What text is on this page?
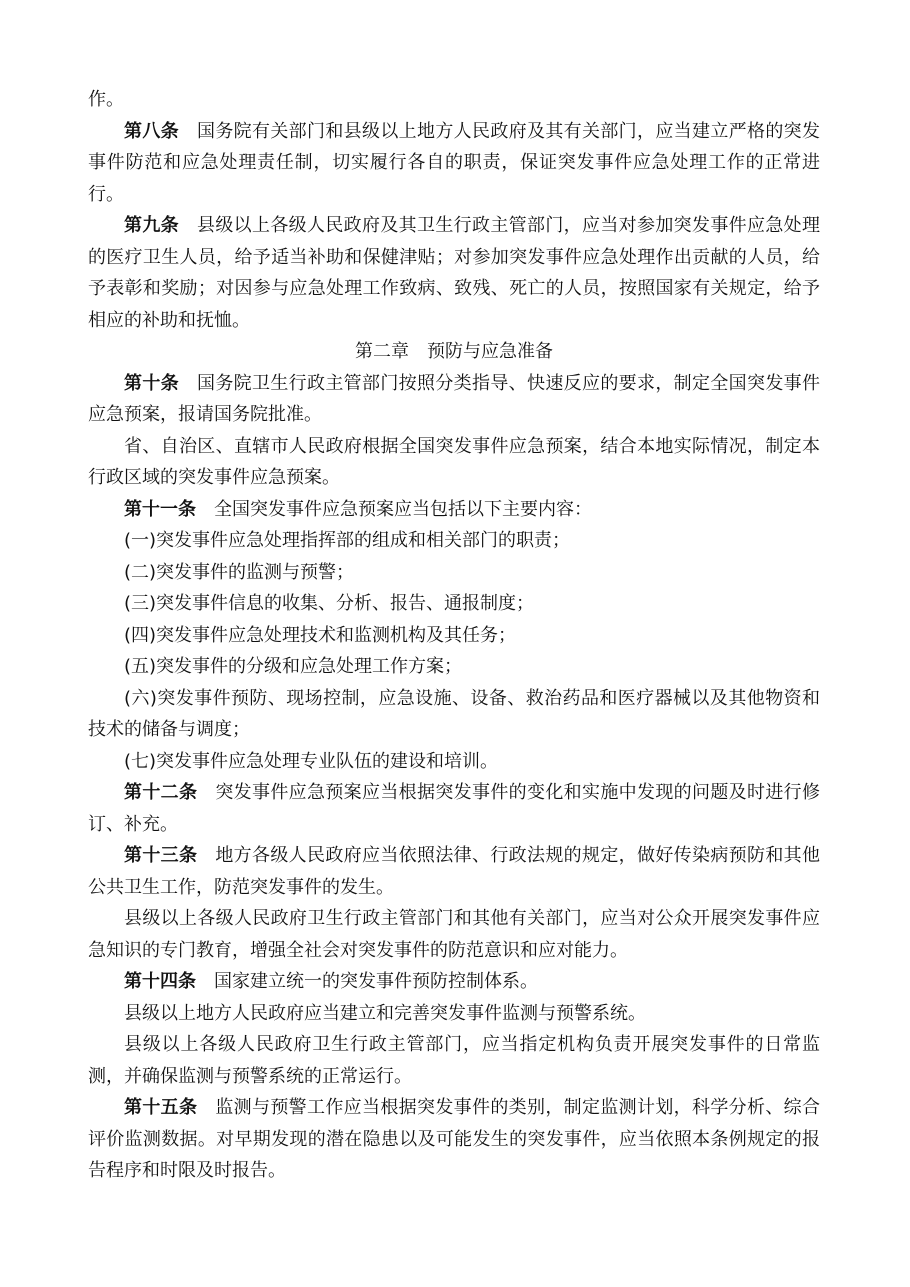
作。

第八条 国务院有关部门和县级以上地方人民政府及其有关部门，应当建立严格的突发事件防范和应急处理责任制，切实履行各自的职责，保证突发事件应急处理工作的正常进行。

第九条 县级以上各级人民政府及其卫生行政主管部门，应当对参加突发事件应急处理的医疗卫生人员，给予适当补助和保健津贴；对参加突发事件应急处理作出贡献的人员，给予表彰和奖励；对因参与应急处理工作致病、致残、死亡的人员，按照国家有关规定，给予相应的补助和抚恤。

第二章　预防与应急准备

第十条 国务院卫生行政主管部门按照分类指导、快速反应的要求，制定全国突发事件应急预案，报请国务院批准。

省、自治区、直辖市人民政府根据全国突发事件应急预案，结合本地实际情况，制定本行政区域的突发事件应急预案。

第十一条 全国突发事件应急预案应当包括以下主要内容：

(一)突发事件应急处理指挥部的组成和相关部门的职责；

(二)突发事件的监测与预警；

(三)突发事件信息的收集、分析、报告、通报制度；

(四)突发事件应急处理技术和监测机构及其任务；

(五)突发事件的分级和应急处理工作方案；

(六)突发事件预防、现场控制，应急设施、设备、救治药品和医疗器械以及其他物资和技术的储备与调度；

(七)突发事件应急处理专业队伍的建设和培训。

第十二条 突发事件应急预案应当根据突发事件的变化和实施中发现的问题及时进行修订、补充。

第十三条 地方各级人民政府应当依照法律、行政法规的规定，做好传染病预防和其他公共卫生工作，防范突发事件的发生。

县级以上各级人民政府卫生行政主管部门和其他有关部门，应当对公众开展突发事件应急知识的专门教育，增强全社会对突发事件的防范意识和应对能力。

第十四条 国家建立统一的突发事件预防控制体系。

县级以上地方人民政府应当建立和完善突发事件监测与预警系统。

县级以上各级人民政府卫生行政主管部门，应当指定机构负责开展突发事件的日常监测，并确保监测与预警系统的正常运行。

第十五条 监测与预警工作应当根据突发事件的类别，制定监测计划，科学分析、综合评价监测数据。对早期发现的潜在隐患以及可能发生的突发事件，应当依照本条例规定的报告程序和时限及时报告。
